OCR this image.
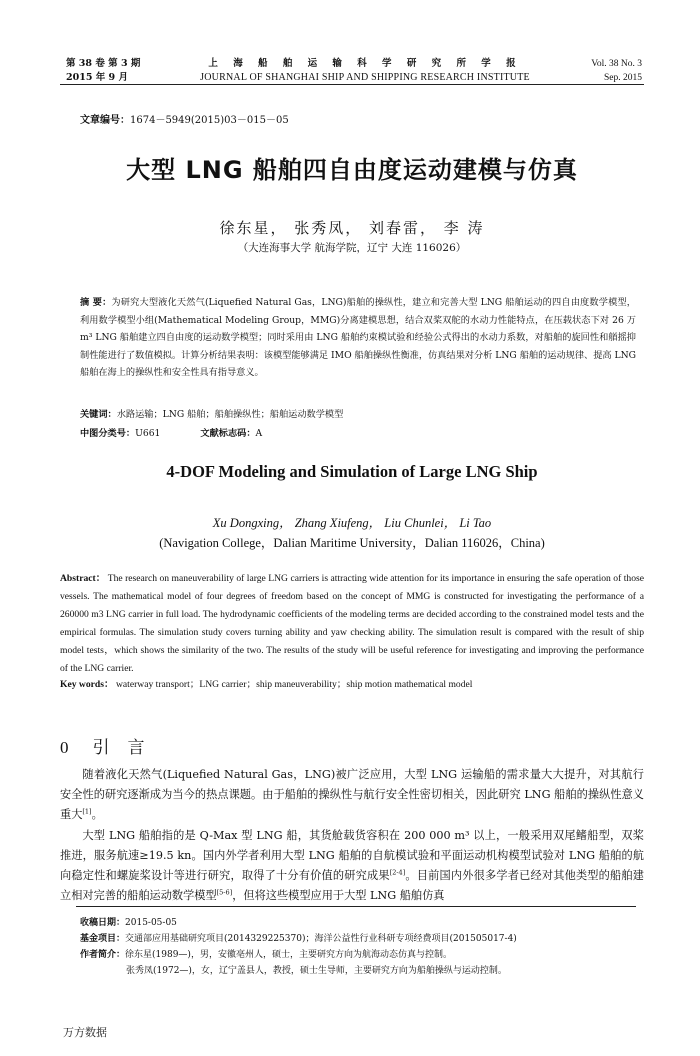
第 38 卷 第 3 期
2015 年 9 月
上 海 船 舶 运 输 科 学 研 究 所 学 报
JOURNAL OF SHANGHAI SHIP AND SHIPPING RESEARCH INSTITUTE
Vol. 38 No. 3
Sep. 2015
文章编号：1674－5949(2015)03－015－05
大型 LNG 船舶四自由度运动建模与仿真
徐东星， 张秀凤， 刘春雷， 李 涛
（大连海事大学 航海学院，辽宁 大连 116026）
摘 要：为研究大型液化天然气(Liquefied Natural Gas，LNG)船舶的操纵性，建立和完善大型 LNG 船舶运动的四自由度数学模型，利用数学模型小组(Mathematical Modeling Group，MMG)分离建模思想，结合双桨双舵的水动力性能特点，在压载状态下对 26 万 m³ LNG 船舶建立四自由度的运动数学模型；同时采用由 LNG 船舶约束模试验和经验公式得出的水动力系数，对船舶的旋回性和艏摇抑制性能进行了数值模拟。计算分析结果表明：该模型能够满足 IMO 船舶操纵性衡准，仿真结果对分析 LNG 船舶的运动规律、提高 LNG 船舶在海上的操纵性和安全性具有指导意义。
关键词：水路运输；LNG 船舶；船舶操纵性；船舶运动数学模型
中图分类号：U661	文献标志码：A
4-DOF Modeling and Simulation of Large LNG Ship
Xu Dongxing， Zhang Xiufeng， Liu Chunlei， Li Tao
(Navigation College，Dalian Maritime University，Dalian 116026，China)
Abstract： The research on maneuverability of large LNG carriers is attracting wide attention for its importance in ensuring the safe operation of those vessels. The mathematical model of four degrees of freedom based on the concept of MMG is constructed for investigating the performance of a 260000 m3 LNG carrier in full load. The hydrodynamic coefficients of the modeling terms are decided according to the constrained model tests and the empirical formulas. The simulation study covers turning ability and yaw checking ability. The simulation result is compared with the result of ship model tests，which shows the similarity of the two. The results of the study will be useful reference for investigating and improving the performance of the LNG carrier.
Key words： waterway transport；LNG carrier；ship maneuverability；ship motion mathematical model
0 引言

随着液化天然气(Liquefied Natural Gas，LNG)被广泛应用，大型 LNG 运输船的需求量大大提升，对其航行安全性的研究逐渐成为当今的热点课题。由于船舶的操纵性与航行安全性密切相关，因此研究 LNG 船舶的操纵性意义重大[1]。

大型 LNG 船舶指的是 Q-Max 型 LNG 船，其货舱载货容积在 200 000 m³ 以上，一般采用双尾鳍船型，双桨推进，服务航速≥19.5 kn。国内外学者利用大型 LNG 船舶的自航模试验和平面运动机构模型试验对 LNG 船舶的航向稳定性和螺旋桨设计等进行研究，取得了十分有价值的研究成果[2-4]。目前国内外很多学者已经对其他类型的船舶建立相对完善的船舶运动数学模型[5-6]，但将这些模型应用于大型 LNG 船舶仿真

收稿日期：2015-05-05
基金项目：交通部应用基础研究项目(2014329225370)；海洋公益性行业科研专项经费项目(201505017-4)
作者简介：徐东星(1989—)，男，安徽亳州人，硕士，主要研究方向为航海动态仿真与控制。
张秀凤(1972—)，女，辽宁盖县人，教授，硕士生导师，主要研究方向为船舶操纵与运动控制。
万方数据
